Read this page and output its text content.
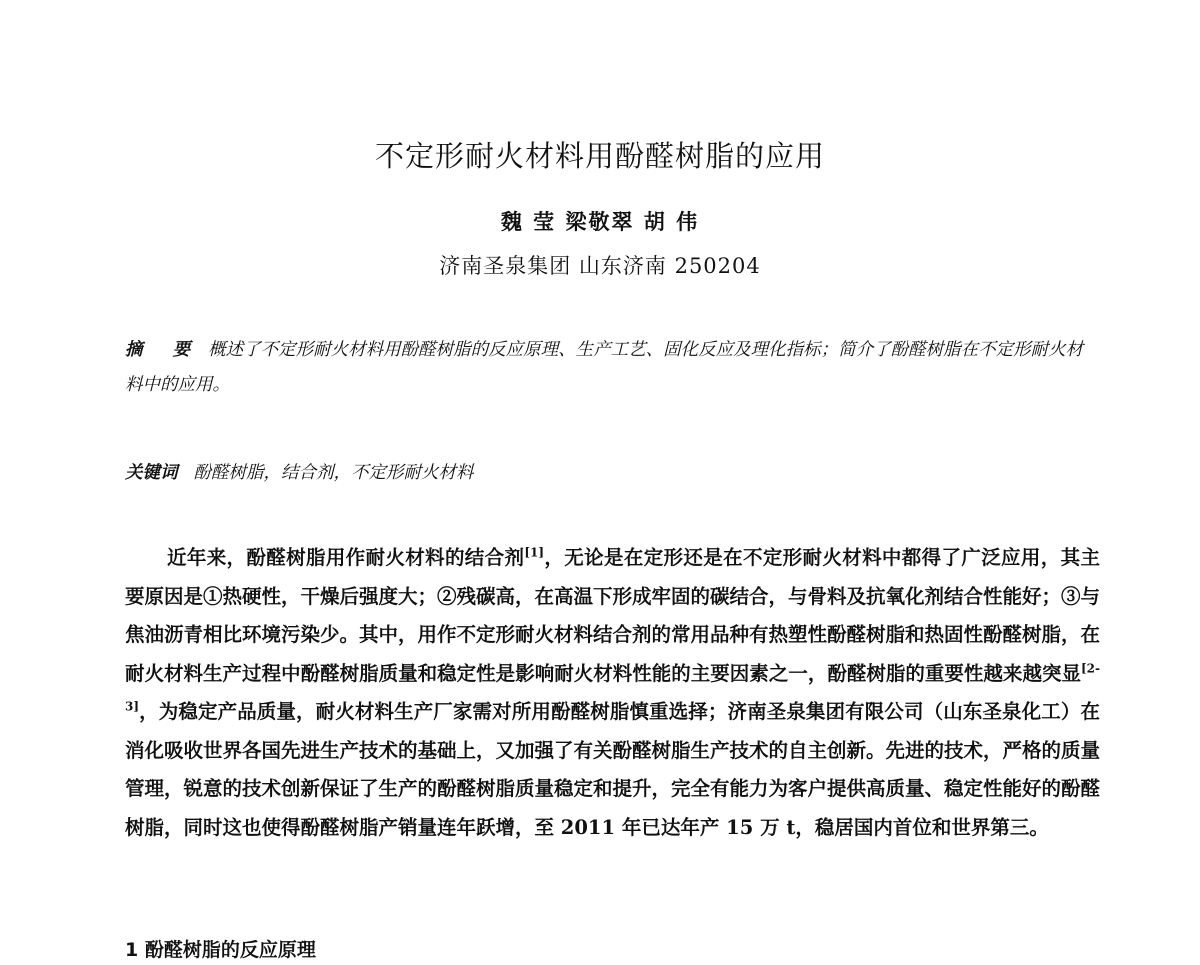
不定形耐火材料用酚醛树脂的应用
魏 莹 梁敬翠 胡 伟
济南圣泉集团 山东济南 250204
摘 要 概述了不定形耐火材料用酚醛树脂的反应原理、生产工艺、固化反应及理化指标；简介了酚醛树脂在不定形耐火材料中的应用。
关键词 酚醛树脂，结合剂，不定形耐火材料
近年来，酚醛树脂用作耐火材料的结合剂[1]，无论是在定形还是在不定形耐火材料中都得了广泛应用，其主要原因是①热硬性，干燥后强度大；②残碳高，在高温下形成牢固的碳结合，与骨料及抗氧化剂结合性能好；③与焦油沥青相比环境污染少。其中，用作不定形耐火材料结合剂的常用品种有热塑性酚醛树脂和热固性酚醛树脂，在耐火材料生产过程中酚醛树脂质量和稳定性是影响耐火材料性能的主要因素之一，酚醛树脂的重要性越来越突显[2-3]，为稳定产品质量，耐火材料生产厂家需对所用酚醛树脂慎重选择；济南圣泉集团有限公司（山东圣泉化工）在消化吸收世界各国先进生产技术的基础上，又加强了有关酚醛树脂生产技术的自主创新。先进的技术，严格的质量管理，锐意的技术创新保证了生产的酚醛树脂质量稳定和提升，完全有能力为客户提供高质量、稳定性能好的酚醛树脂，同时这也使得酚醛树脂产销量连年跃增，至 2011 年已达年产 15 万 t，稳居国内首位和世界第三。
1 酚醛树脂的反应原理
